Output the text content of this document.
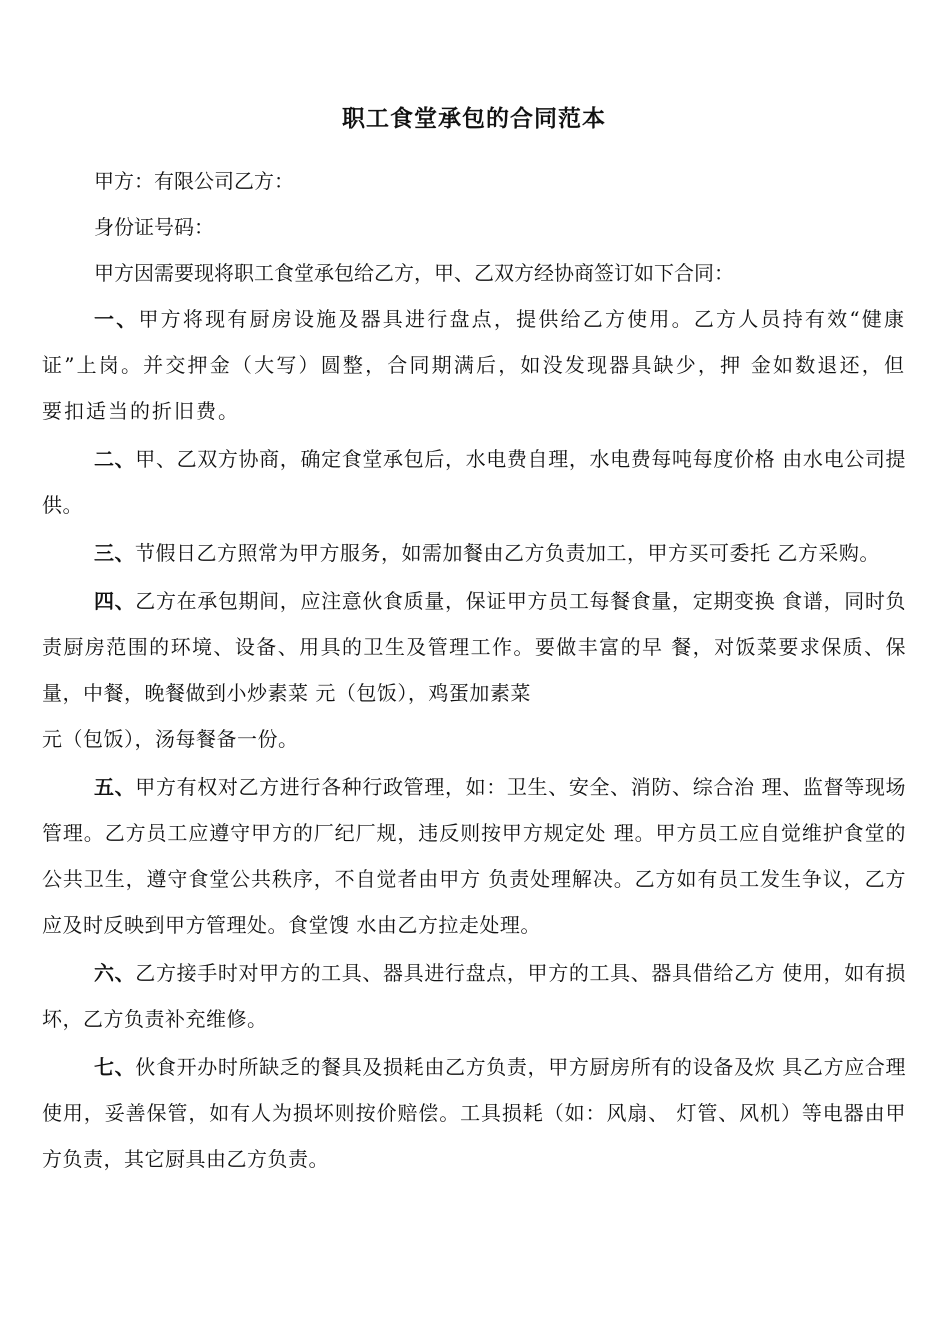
职工食堂承包的合同范本

甲方：有限公司乙方：

身份证号码：

甲方因需要现将职工食堂承包给乙方，甲、乙双方经协商签订如下合同：

一、甲方将现有厨房设施及器具进行盘点，提供给乙方使用。乙方人员持有效“健康证”上岗。并交押金（大写）圆整，合同期满后，如没发现器具缺少，押 金如数退还，但要扣适当的折旧费。

二、甲、乙双方协商，确定食堂承包后，水电费自理，水电费每吨每度价格 由水电公司提供。

三、节假日乙方照常为甲方服务，如需加餐由乙方负责加工，甲方买可委托 乙方采购。

四、乙方在承包期间，应注意伙食质量，保证甲方员工每餐食量，定期变换 食谱，同时负责厨房范围的环境、设备、用具的卫生及管理工作。要做丰富的早 餐，对饭菜要求保质、保量，中餐，晚餐做到小炒素菜 元（包饭），鸡蛋加素菜
元（包饭），汤每餐备一份。

五、甲方有权对乙方进行各种行政管理，如：卫生、安全、消防、综合治 理、监督等现场管理。乙方员工应遵守甲方的厂纪厂规，违反则按甲方规定处 理。甲方员工应自觉维护食堂的公共卫生，遵守食堂公共秩序，不自觉者由甲方 负责处理解决。乙方如有员工发生争议，乙方应及时反映到甲方管理处。食堂馊 水由乙方拉走处理。

六、乙方接手时对甲方的工具、器具进行盘点，甲方的工具、器具借给乙方 使用，如有损坏，乙方负责补充维修。

七、伙食开办时所缺乏的餐具及损耗由乙方负责，甲方厨房所有的设备及炊 具乙方应合理使用，妥善保管，如有人为损坏则按价赔偿。工具损耗（如：风扇、 灯管、风机）等电器由甲方负责，其它厨具由乙方负责。
